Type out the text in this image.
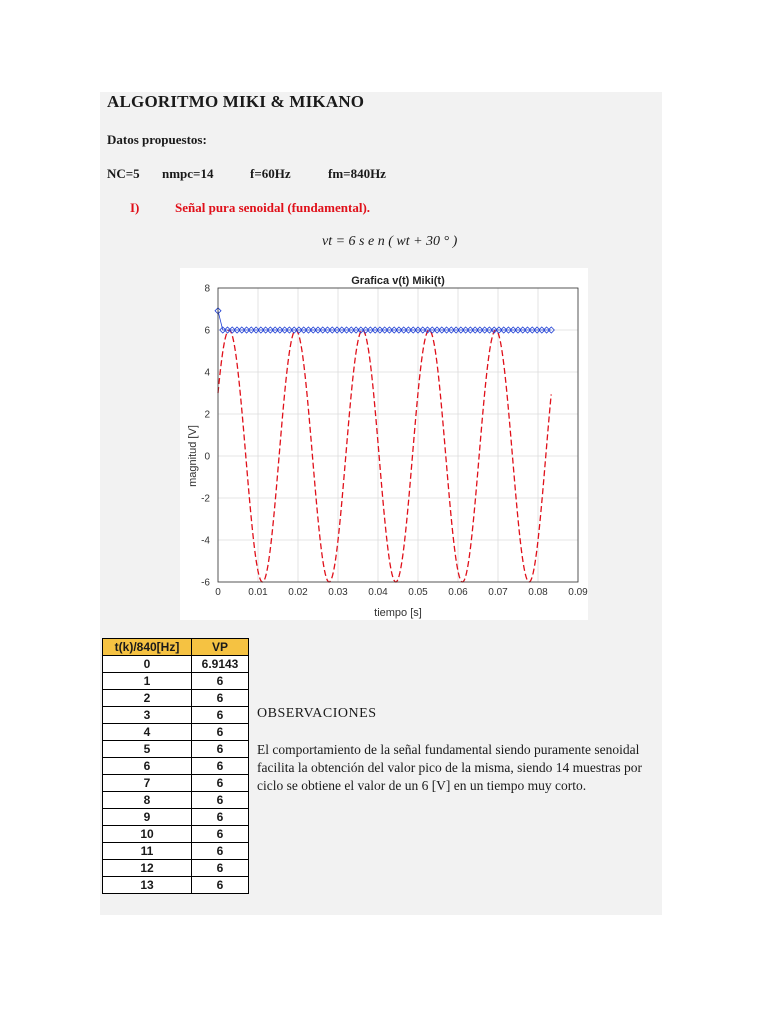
ALGORITMO MIKI & MIKANO
Datos propuestos:
NC=5 nmpc=14	f=60Hz	fm=840Hz
I)	Señal pura senoidal (fundamental).
vt = 6 s e n ( wt + 30 ° )
Grafica v(t) Miki(t)
tiempo [s]
magnitud [V]
0	0.01 0.02 0.03 0.04 0.05 0.06 0.07 0.08 0.09
8
6
4
2
0
-2
-4
-6
t(k)/840[Hz]	VP
0	6.9143
1	6
2	6
3	6
4	6
5	6
6	6
7	6
8	6
9	6
10	6
11	6
12	6
13	6
OBSERVACIONES
El comportamiento de la señal fundamental siendo puramente senoidal facilita la obtención del valor pico de la misma, siendo 14 muestras por ciclo se obtiene el valor de un 6 [V] en un tiempo muy corto.
